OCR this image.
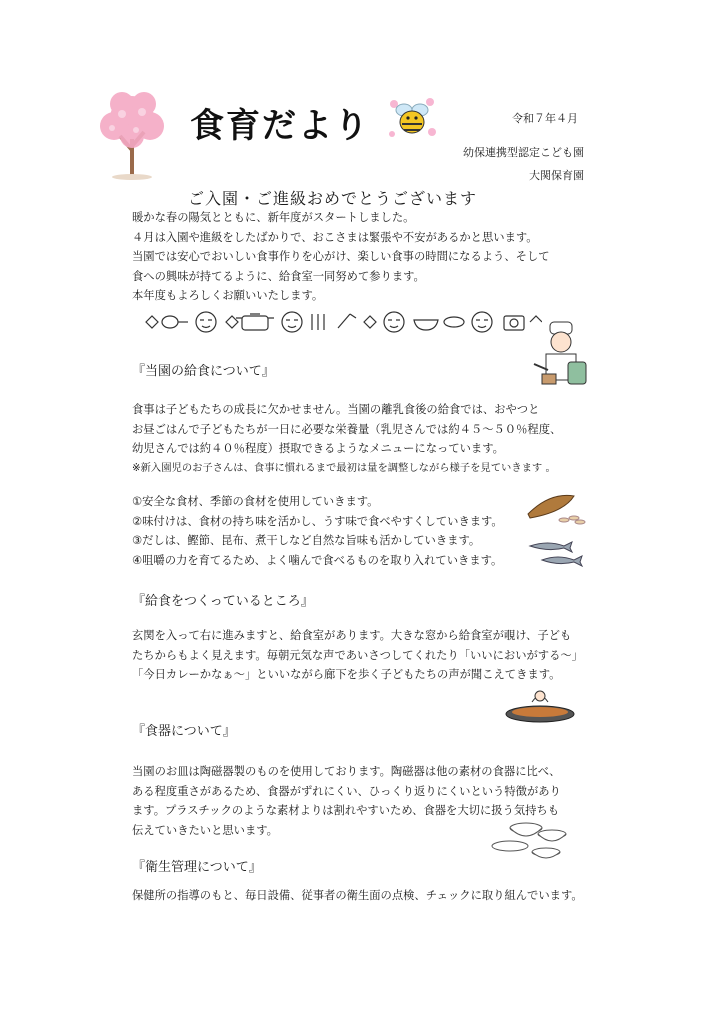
食育だより	令和７年４月
幼保連携型認定こども園
大関保育園
ご入園・ご進級おめでとうございます
暖かな春の陽気とともに、新年度がスタートしました。
４月は入園や進級をしたばかりで、おこさまは緊張や不安があるかと思います。
当園では安心でおいしい食事作りを心がけ、楽しい食事の時間になるよう、そして
食への興味が持てるように、給食室一同努めて参ります。
本年度もよろしくお願いいたします。
『当園の給食について』
食事は子どもたちの成長に欠かせません。当園の離乳食後の給食では、おやつと
お昼ごはんで子どもたちが一日に必要な栄養量（乳児さんでは約４５～５０％程度、
幼児さんでは約４０％程度）摂取できるようなメニューになっています。
※新入園児のお子さんは、食事に慣れるまで最初は量を調整しながら様子を見ていきます 。
①安全な食材、季節の食材を使用していきます。
②味付けは、食材の持ち味を活かし、うす味で食べやすくしていきます。
③だしは、鰹節、昆布、煮干しなど自然な旨味も活かしていきます。
④咀嚼の力を育てるため、よく噛んで食べるものを取り入れていきます。
『給食をつくっているところ』
玄関を入って右に進みますと、給食室があります。大きな窓から給食室が覗け、子ども
たちからもよく見えます。毎朝元気な声であいさつしてくれたり「いいにおいがする～」
「今日カレーかなぁ～」といいながら廊下を歩く子どもたちの声が聞こえてきます。
『食器について』
当園のお皿は陶磁器製のものを使用しております。陶磁器は他の素材の食器に比べ、
ある程度重さがあるため、食器がずれにくい、ひっくり返りにくいという特徴があり
ます。プラスチックのような素材よりは割れやすいため、食器を大切に扱う気持ちも
伝えていきたいと思います。
『衛生管理について』
保健所の指導のもと、毎日設備、従事者の衛生面の点検、チェックに取り組んでいます。
